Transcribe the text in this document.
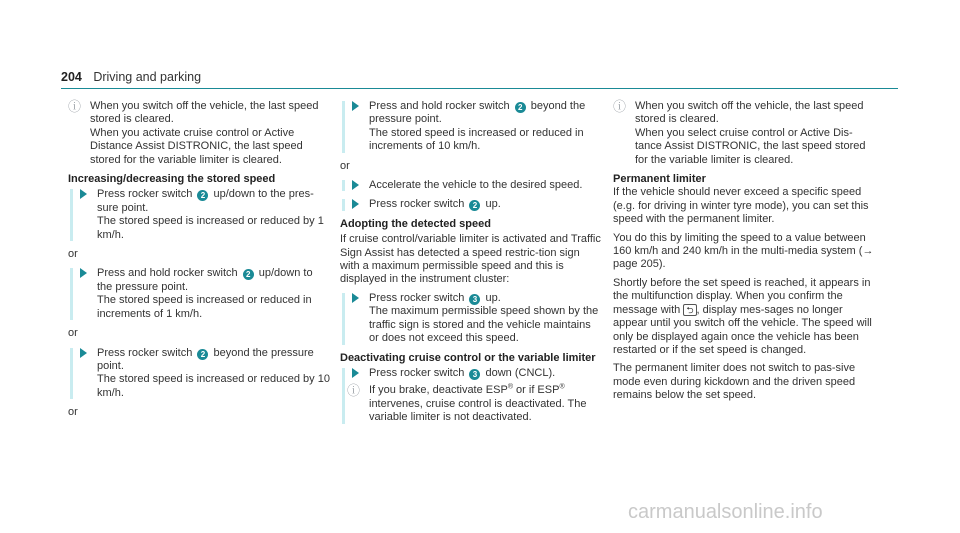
204 Driving and parking
ⓘ When you switch off the vehicle, the last speed stored is cleared.
When you activate cruise control or Active Distance Assist DISTRONIC, the last speed stored for the variable limiter is cleared.
Increasing/decreasing the stored speed
Press rocker switch 2 up/down to the pres-sure point.
The stored speed is increased or reduced by 1 km/h.
or
Press and hold rocker switch 2 up/down to the pressure point.
The stored speed is increased or reduced in increments of 1 km/h.
or
Press rocker switch 2 beyond the pressure point.
The stored speed is increased or reduced by 10 km/h.
or
Press and hold rocker switch 2 beyond the pressure point.
The stored speed is increased or reduced in increments of 10 km/h.
or
Accelerate the vehicle to the desired speed.
Press rocker switch 2 up.
Adopting the detected speed
If cruise control/variable limiter is activated and Traffic Sign Assist has detected a speed restric-tion sign with a maximum permissible speed and this is displayed in the instrument cluster:
Press rocker switch 3 up.
The maximum permissible speed shown by the traffic sign is stored and the vehicle maintains or does not exceed this speed.
Deactivating cruise control or the variable limiter
Press rocker switch 3 down (CNCL).
ⓘ If you brake, deactivate ESP® or if ESP® intervenes, cruise control is deactivated. The variable limiter is not deactivated.
ⓘ When you switch off the vehicle, the last speed stored is cleared.
When you select cruise control or Active Dis-tance Assist DISTRONIC, the last speed stored for the variable limiter is cleared.
Permanent limiter
If the vehicle should never exceed a specific speed (e.g. for driving in winter tyre mode), you can set this speed with the permanent limiter.
You do this by limiting the speed to a value between 160 km/h and 240 km/h in the multi-media system (→ page 205).
Shortly before the set speed is reached, it appears in the multifunction display. When you confirm the message with ⮌ , display mes-sages no longer appear until you switch off the vehicle. The speed will only be displayed again once the vehicle has been restarted or if the set speed is changed.
The permanent limiter does not switch to pas-sive mode even during kickdown and the driven speed remains below the set speed.
carmanualsonline.info
